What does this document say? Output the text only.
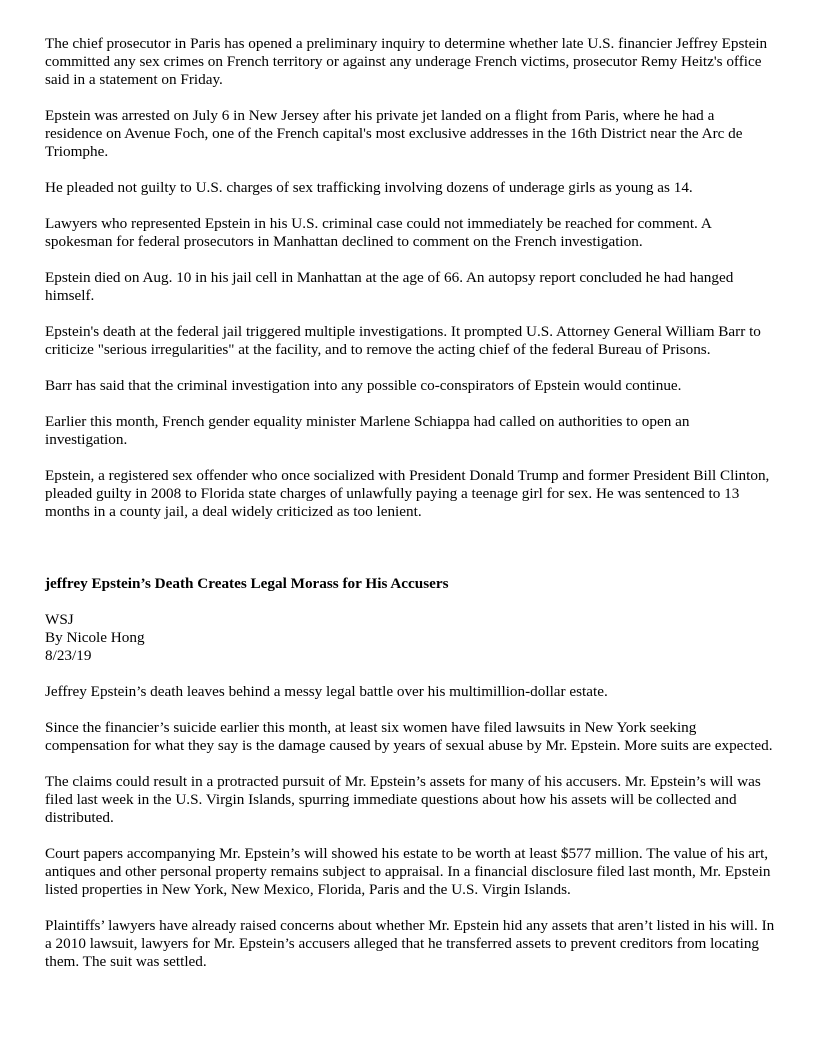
The chief prosecutor in Paris has opened a preliminary inquiry to determine whether late U.S. financier Jeffrey Epstein committed any sex crimes on French territory or against any underage French victims, prosecutor Remy Heitz's office said in a statement on Friday.

Epstein was arrested on July 6 in New Jersey after his private jet landed on a flight from Paris, where he had a residence on Avenue Foch, one of the French capital's most exclusive addresses in the 16th District near the Arc de Triomphe.

He pleaded not guilty to U.S. charges of sex trafficking involving dozens of underage girls as young as 14.

Lawyers who represented Epstein in his U.S. criminal case could not immediately be reached for comment. A spokesman for federal prosecutors in Manhattan declined to comment on the French investigation.

Epstein died on Aug. 10 in his jail cell in Manhattan at the age of 66. An autopsy report concluded he had hanged himself.

Epstein's death at the federal jail triggered multiple investigations. It prompted U.S. Attorney General William Barr to criticize "serious irregularities" at the facility, and to remove the acting chief of the federal Bureau of Prisons.

Barr has said that the criminal investigation into any possible co-conspirators of Epstein would continue.

Earlier this month, French gender equality minister Marlene Schiappa had called on authorities to open an investigation.

Epstein, a registered sex offender who once socialized with President Donald Trump and former President Bill Clinton, pleaded guilty in 2008 to Florida state charges of unlawfully paying a teenage girl for sex. He was sentenced to 13 months in a county jail, a deal widely criticized as too lenient.

jeffrey Epstein’s Death Creates Legal Morass for His Accusers

WSJ
By Nicole Hong
8/23/19

Jeffrey Epstein’s death leaves behind a messy legal battle over his multimillion-dollar estate.

Since the financier’s suicide earlier this month, at least six women have filed lawsuits in New York seeking compensation for what they say is the damage caused by years of sexual abuse by Mr. Epstein. More suits are expected.

The claims could result in a protracted pursuit of Mr. Epstein’s assets for many of his accusers. Mr. Epstein’s will was filed last week in the U.S. Virgin Islands, spurring immediate questions about how his assets will be collected and distributed.

Court papers accompanying Mr. Epstein’s will showed his estate to be worth at least $577 million. The value of his art, antiques and other personal property remains subject to appraisal. In a financial disclosure filed last month, Mr. Epstein listed properties in New York, New Mexico, Florida, Paris and the U.S. Virgin Islands.

Plaintiffs’ lawyers have already raised concerns about whether Mr. Epstein hid any assets that aren’t listed in his will. In a 2010 lawsuit, lawyers for Mr. Epstein’s accusers alleged that he transferred assets to prevent creditors from locating them. The suit was settled.
